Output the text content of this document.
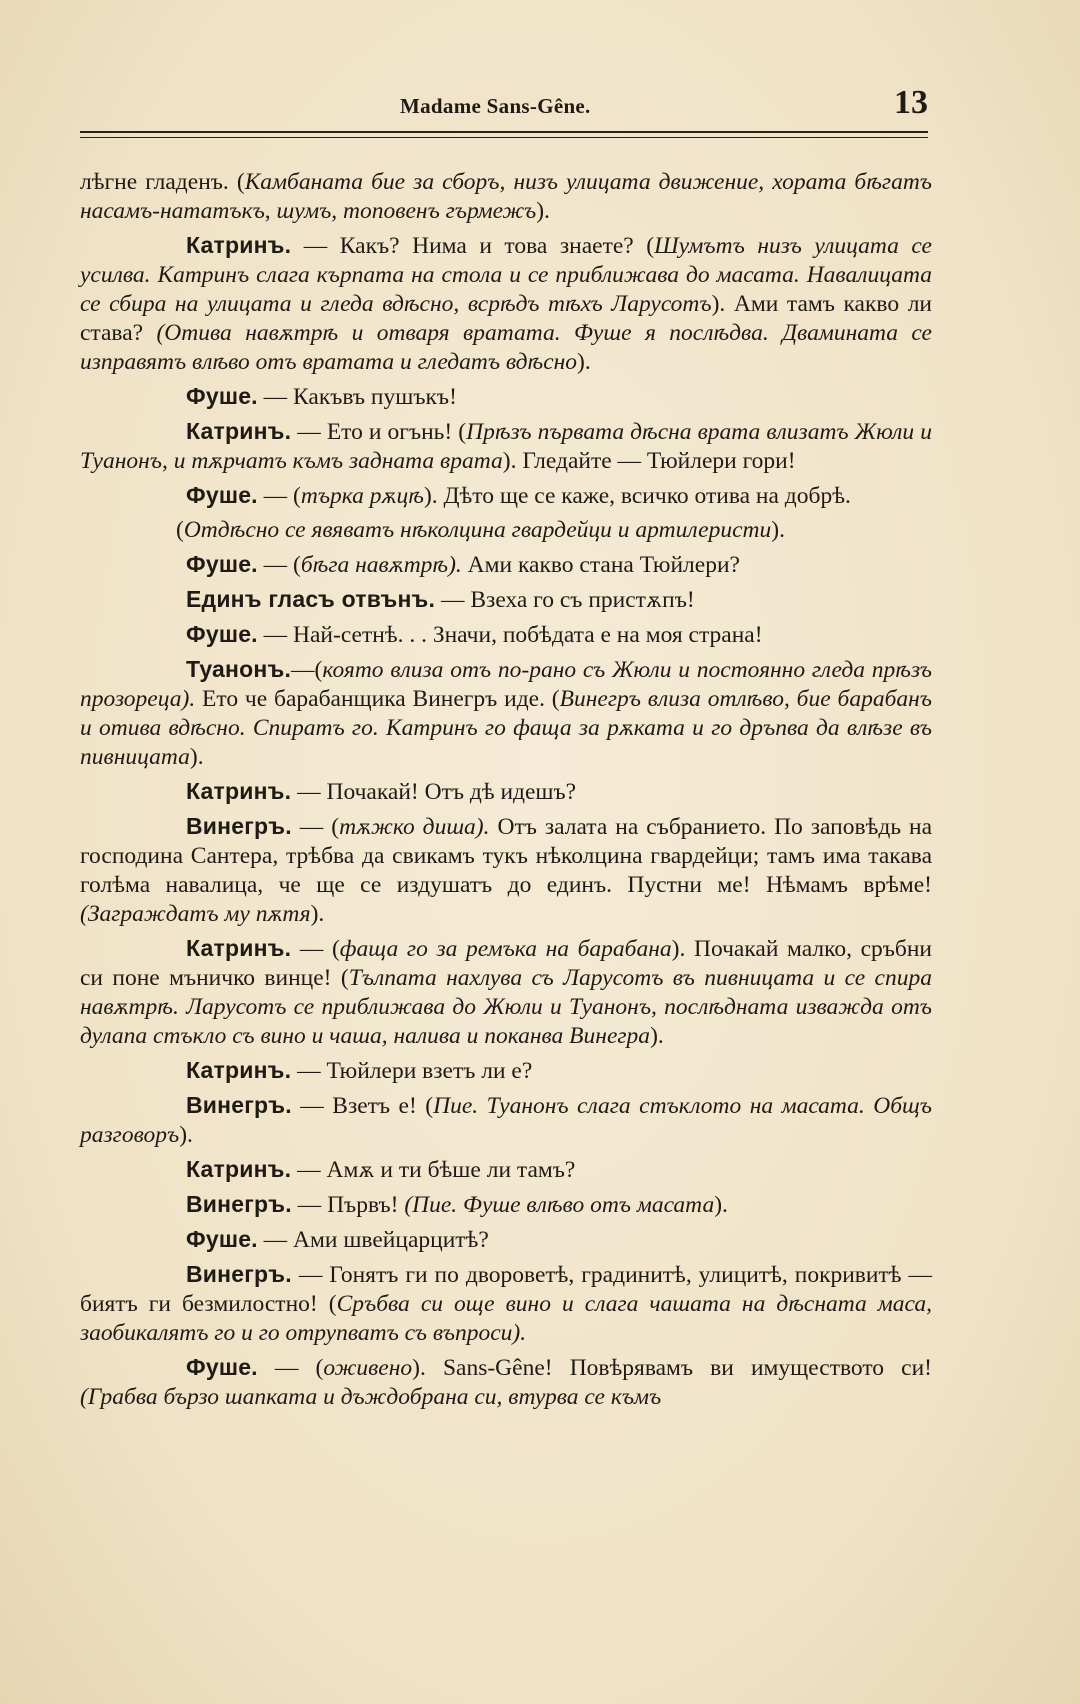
Madame Sans-Gêne.	13

лѣгне гладенъ. (Камбаната бие за сборъ, низъ улицата движение, хората бѣгатъ насамъ-нататъкъ, шумъ, топовенъ гърмежъ).

Катринъ. — Какъ? Нима и това знаете? (Шумътъ низъ улицата се усилва. Катринъ слага кърпата на стола и се приближава до масата. Навалицата се сбира на улицата и гледа вдѣсно, всрѣдъ тѣхъ Ларусотъ). Ами тамъ какво ли става? (Отива навѫтрѣ и отваря вратата. Фуше я послѣдва. Дваминaта се изправятъ влѣво отъ вратата и гледатъ вдѣсно).

Фуше. — Какъвъ пушъкъ!

Катринъ. — Ето и огънь! (Прѣзъ първата дѣсна врата влизатъ Жюли и Туанонъ, и тѫрчатъ къмъ задната врата). Гледайте — Тюйлери гори!

Фуше. — (търка рѫцѣ). Дѣто ще се каже, всичко отива на добрѣ.

(Отдѣсно се явяватъ нѣколцина гвардейци и артилеристи).

Фуше. — (бѣга навѫтрѣ). Ами какво стана Тюйлери?

Единъ гласъ отвънъ. — Взеха го съ пристѫпъ!

Фуше. — Най-сетнѣ. . . Значи, побѣдата е на моя страна!

Туанонъ.—(която влиза отъ по-рано съ Жюли и постоянно гледа прѣзъ прозореца). Ето че барабанщика Винегръ иде. (Винегръ влиза отлѣво, бие барабанъ и отива вдѣсно. Спиратъ го. Катринъ го фаща за рѫката и го дръпва да влѣзе въ пивницата).

Катринъ. — Почакай! Отъ дѣ идешъ?

Винегръ. — (тѫжко диша). Отъ залата на събранието. По заповѣдь на господина Сантера, трѣбва да свикамъ тукъ нѣколцина гвардейци; тамъ има такава голѣма навалица, че ще се издушатъ до единъ. Пустни ме! Нѣмамъ врѣме! (Заграждатъ му пѫтя).

Катринъ. — (фаща го за ремъка на барабана). Почакай малко, сръбни си поне мъничко винце! (Тълпата нахлува съ Ларусотъ въ пивницата и се спира навѫтрѣ. Ларусотъ се приближава до Жюли и Туанонъ, послѣдната изважда отъ дулапа стъкло съ вино и чаша, налива и поканва Винегра).

Катринъ. — Тюйлери взетъ ли е?

Винегръ. — Взетъ е! (Пие. Туанонъ слага стъклото на масата. Общъ разговоръ).

Катринъ. — Амѫ и ти бѣше ли тамъ?

Винегръ. — Първъ! (Пие. Фуше влѣво отъ масата).

Фуше. — Ами швейцарцитѣ?

Винегръ. — Гонятъ ги по двороветѣ, градинитѣ, улицитѣ, покривитѣ — биятъ ги безмилостно! (Сръбва си още вино и слага чашата на дѣсната маса, заобикалятъ го и го отрупватъ съ въпроси).

Фуше. — (оживено). Sans-Gêne! Повѣрявамъ ви имуществото си! (Грабва бързо шапката и дъждобрана си, втурва се къмъ
